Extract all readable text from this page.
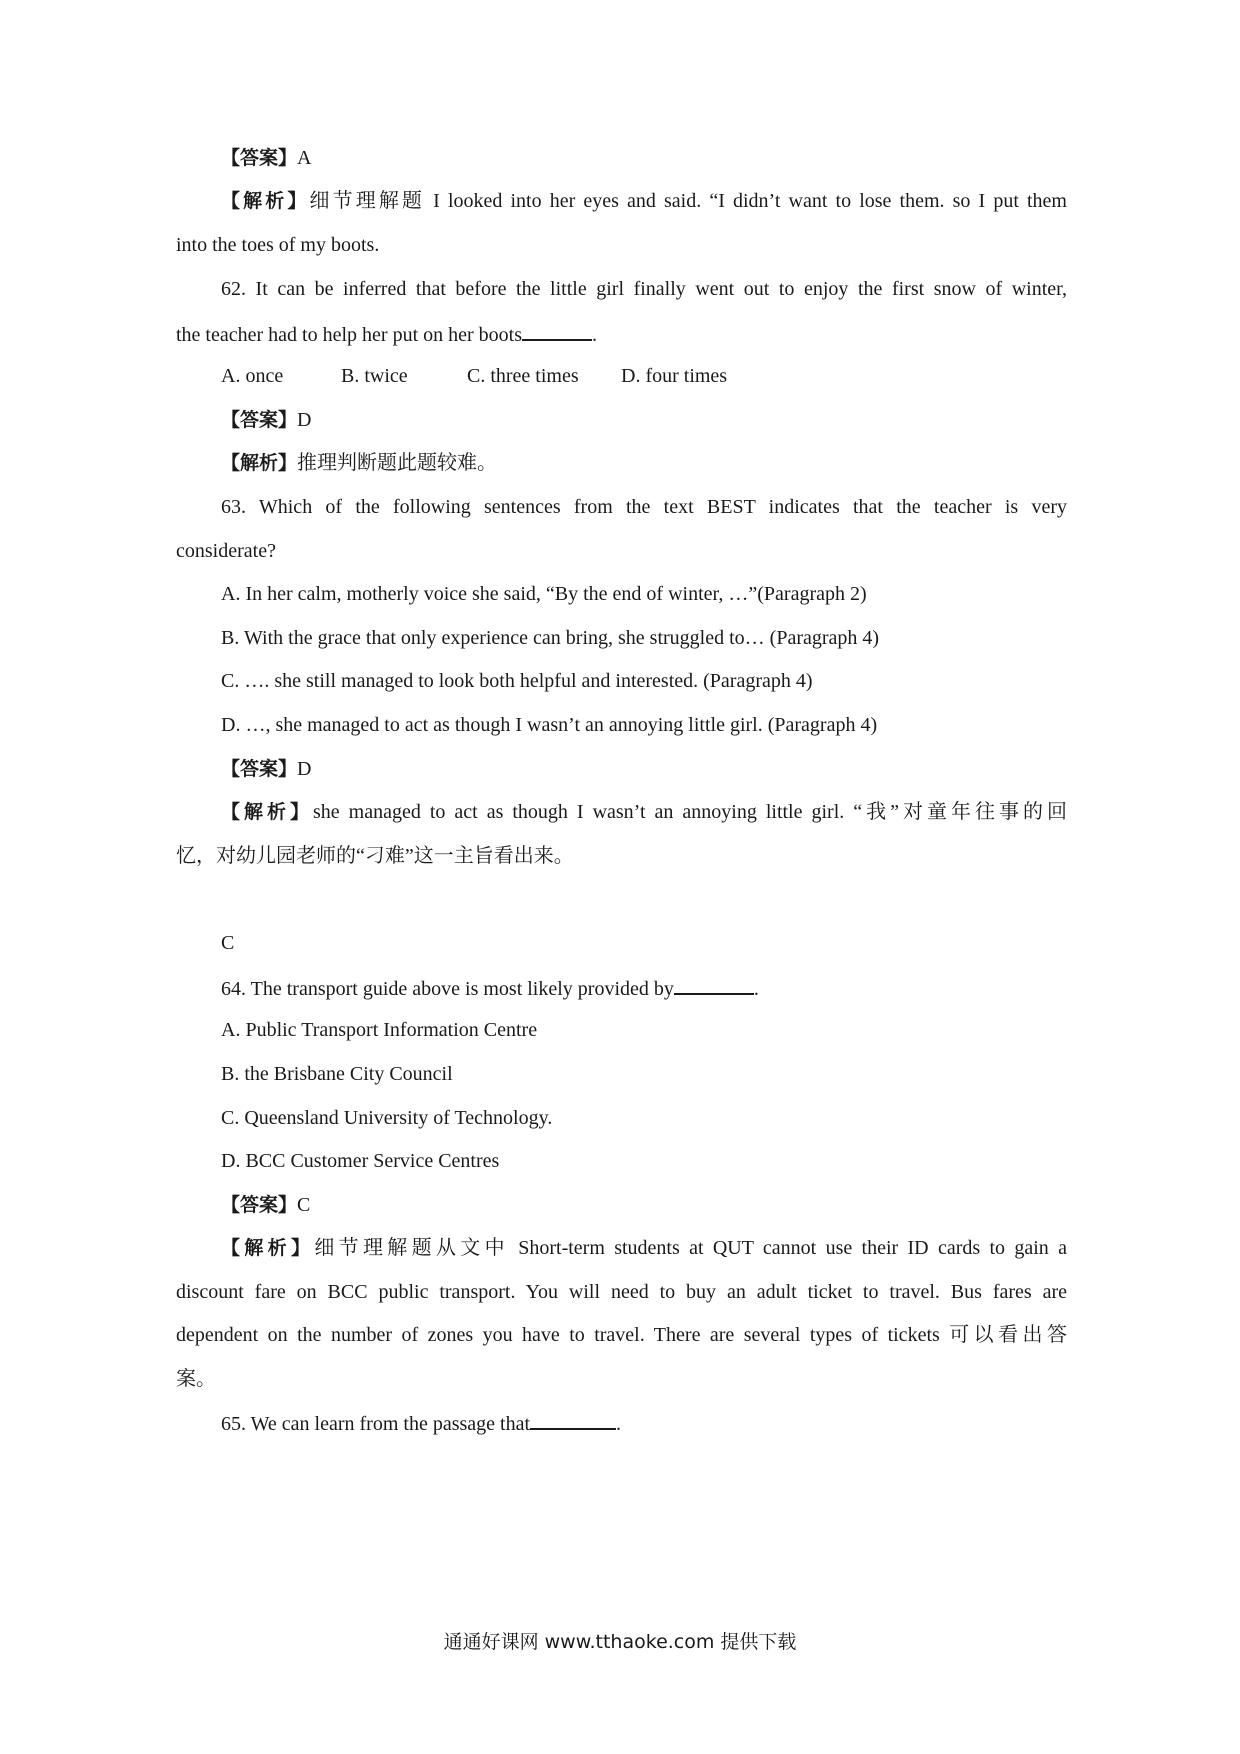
【答案】A
【解析】细节理解题 I looked into her eyes and said. “I didn’t want to lose them. so I put them
into the toes of my boots.
62. It can be inferred that before the little girl finally went out to enjoy the first snow of winter,
the teacher had to help her put on her boots	.
A. once	B. twice	C. three times D. four times
【答案】D
【解析】推理判断题此题较难。
63. Which of the following sentences from the text BEST indicates that the teacher is very
considerate?
A. In her calm, motherly voice she said, “By the end of winter, …”(Paragraph 2)
B. With the grace that only experience can bring, she struggled to… (Paragraph 4)
C. …. she still managed to look both helpful and interested. (Paragraph 4)
D. …, she managed to act as though I wasn’t an annoying little girl. (Paragraph 4)
【答案】D
【解析】she managed to act as though I wasn’t an annoying little girl. “我”对童年往事的回
忆，对幼儿园老师的“刁难”这一主旨看出来。
C
64. The transport guide above is most likely provided by	.
A. Public Transport Information Centre
B. the Brisbane City Council
C. Queensland University of Technology.
D. BCC Customer Service Centres
【答案】C
【解析】细节理解题从文中 Short-term students at QUT cannot use their ID cards to gain a
discount fare on BCC public transport. You will need to buy an adult ticket to travel. Bus fares are
dependent on the number of zones you have to travel. There are several types of tickets 可以看出答
案。
65. We can learn from the passage that	.
通通好课网 www.tthaoke.com 提供下载
